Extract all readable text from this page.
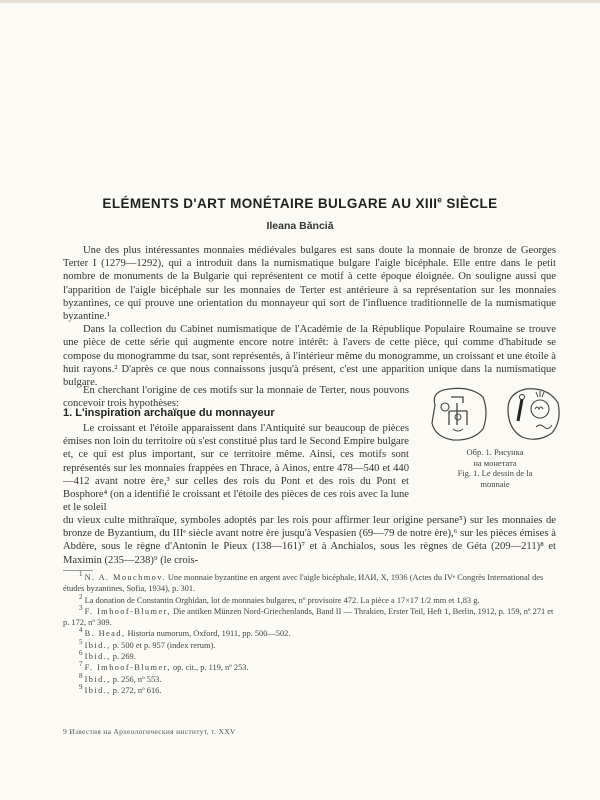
ELÉMENTS D'ART MONÉTAIRE BULGARE AU XIIIe SIÈCLE
Ileana Bănciă
Une des plus intéressantes monnaies médiévales bulgares est sans doute la monnaie de bronze de Georges Terter I (1279—1292), qui a introduit dans la numismatique bulgare l'aigle bicéphale. Elle entre dans le petit nombre de monuments de la Bulgarie qui représentent ce motif à cette époque éloignée. On souligne aussi que l'apparition de l'aigle bicéphale sur les monnaies de Terter est antérieure à sa représentation sur les monnaies byzantines, ce qui prouve une orientation du monnayeur qui sort de l'influence traditionnelle de la numismatique byzantine.¹
Dans la collection du Cabinet numismatique de l'Académie de la République Populaire Roumaine se trouve une pièce de cette série qui augmente encore notre intérêt: à l'avers de cette pièce, qui comme d'habitude se compose du monogramme du tsar, sont représentés, à l'intérieur même du monogramme, un croissant et une étoile à huit rayons.² D'après ce que nous connaissons jusqu'à présent, c'est une apparition unique dans la numismatique bulgare.
En cherchant l'origine de ces motifs sur la monnaie de Terter, nous pouvons concevoir trois hypothèses:
1. L'inspiration archaïque du monnayeur
Le croissant et l'étoile apparaissent dans l'Antiquité sur beaucoup de pièces émises non loin du territoire où s'est constitué plus tard le Second Empire bulgare et, ce qui est plus important, sur ce territoire même. Ainsi, ces motifs sont représentés sur les monnaies frappées en Thrace, à Ainos, entre 478—540 et 440—412 avant notre ère,³ sur celles des rois du Pont et des rois du Pont et Bosphore⁴ (on a identifié le croissant et l'étoile des pièces de ces rois avec la lune et le soleil
du vieux culte mithraïque, symboles adoptés par les rois pour affirmer leur origine persane⁵) sur les monnaies de bronze de Byzantium, du IIIᵉ siècle avant notre ère jusqu'à Vespasien (69—79 de notre ère),⁶ sur les pièces émises à Abdère, sous le règne d'Antonin le Pieux (138—161)⁷ et à Anchialos, sous les règnes de Géta (209—211)⁸ et Maximin (235—238)⁹ (le crois-
Обр. 1. Рисунка
на монетата
Fig. 1. Le dessin de la
monnaie
$^1$ N. A. Mouchmov. Une monnaie byzantine en argent avec l'aigle bicéphale, ИАИ, X, 1936 (Actes du IVᵉ Congrès International des études byzantines, Sofia, 1934), p. 301.
$^2$ La donation de Constantin Orghidan, lot de monnaies bulgares, nº provisoire 472. La pièce a 17×17 1/2 mm et 1,83 g.
$^3$ F. Imhoof-Blumer, Die antiken Münzen Nord-Griechenlands, Band II — Thrakien, Erster Teil, Heft 1, Berlin, 1912, p. 159, nº 271 et p. 172, nº 309.
$^4$ B. Head, Historia numorum, Oxford, 1911, pp. 500—502.
$^5$ Ibid., p. 500 et p. 957 (index rerum).
$^6$ Ibid., p. 269.
$^7$ F. Imhoof-Blumer, op. cit., p. 119, nº 253.
$^8$ Ibid., p. 256, nº 553.
$^9$ Ibid., p. 272, nº 616.
9 Известия на Археологическия институт, т. XXV
